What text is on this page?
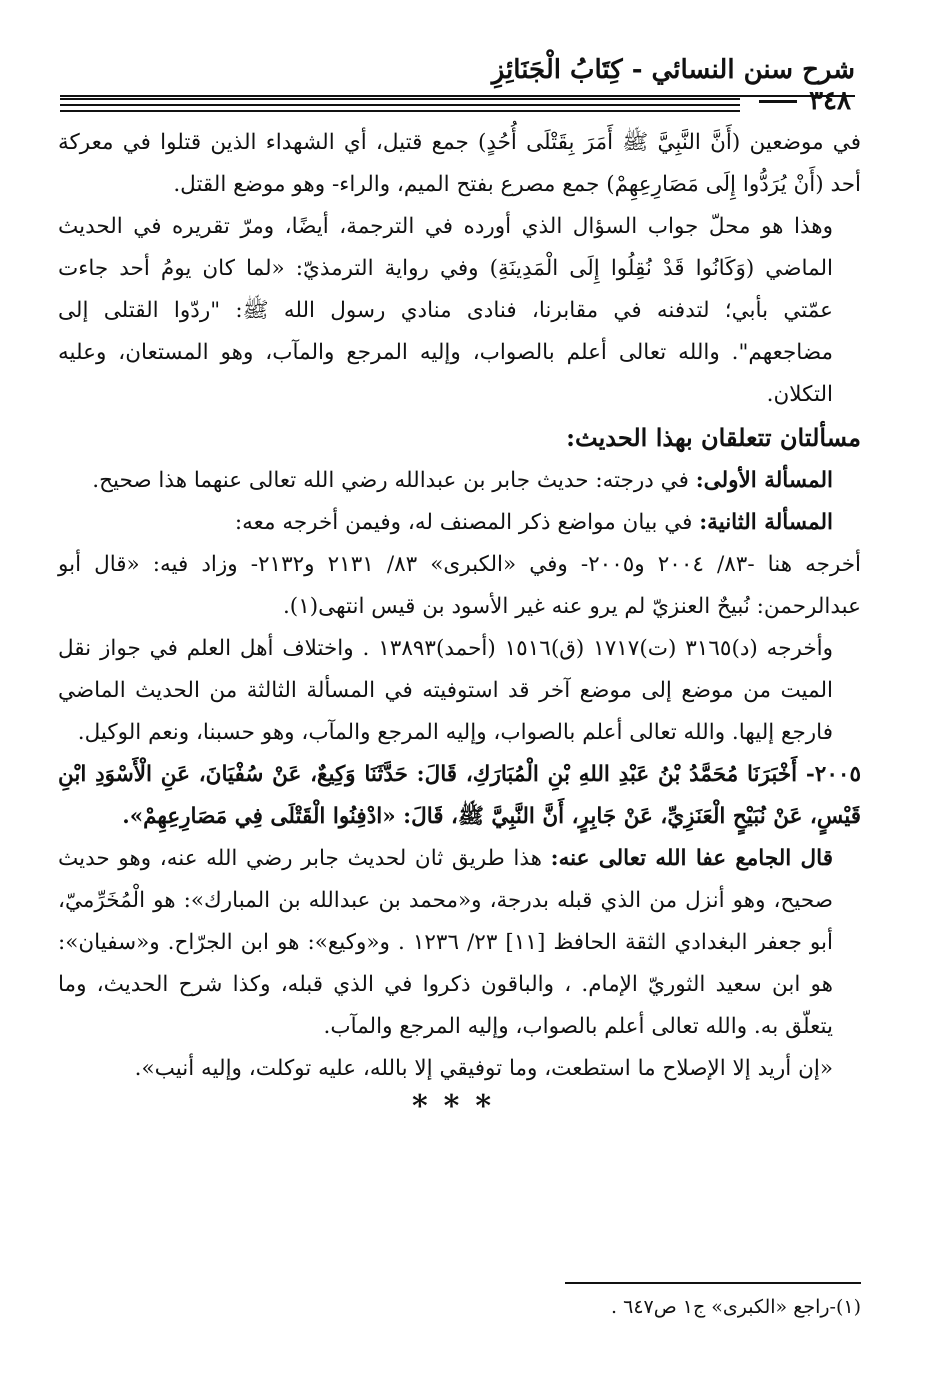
شرح سنن النسائي - كِتَابُ الْجَنَائِزِ
٣٤٨

في موضعين (أَنَّ النَّبِيَّ ﷺ أَمَرَ بِقَتْلَى أُحُدٍ) جمع قتيل، أي الشهداء الذين قتلوا في معركة أحد (أَنْ يُرَدُّوا إِلَى مَصَارِعِهِمْ) جمع مصرع بفتح الميم، والراء- وهو موضع القتل.

وهذا هو محلّ جواب السؤال الذي أورده في الترجمة، أيضًا، ومرّ تقريره في الحديث الماضي (وَكَانُوا قَدْ نُقِلُوا إِلَى الْمَدِينَةِ) وفي رواية الترمذيّ: «لما كان يومُ أحد جاءت عمّتي بأبي؛ لتدفنه في مقابرنا، فنادى منادي رسول الله ﷺ: "ردّوا القتلى إلى مضاجعهم". والله تعالى أعلم بالصواب، وإليه المرجع والمآب، وهو المستعان، وعليه التكلان.

مسألتان تتعلقان بهذا الحديث:

المسألة الأولى: في درجته: حديث جابر بن عبدالله رضي الله تعالى عنهما هذا صحيح.

المسألة الثانية: في بيان مواضع ذكر المصنف له، وفيمن أخرجه معه:

أخرجه هنا -٨٣/ ٢٠٠٤ و٢٠٠٥- وفي «الكبرى» ٨٣/ ٢١٣١ و٢١٣٢- وزاد فيه: «قال أبو عبدالرحمن: نُبيحٌ العنزيّ لم يرو عنه غير الأسود بن قيس انتهى(١).

وأخرجه (د)٣١٦٥ (ت)١٧١٧ (ق)١٥١٦ (أحمد)١٣٨٩٣ . واختلاف أهل العلم في جواز نقل الميت من موضع إلى موضع آخر قد استوفيته في المسألة الثالثة من الحديث الماضي فارجع إليها. والله تعالى أعلم بالصواب، وإليه المرجع والمآب، وهو حسبنا، ونعم الوكيل.

٢٠٠٥- أَخْبَرَنَا مُحَمَّدُ بْنُ عَبْدِ اللهِ بْنِ الْمُبَارَكِ، قَالَ: حَدَّثَنَا وَكِيعٌ، عَنْ سُفْيَانَ، عَنِ الْأَسْوَدِ ابْنِ قَيْسٍ، عَنْ نُبَيْحٍ الْعَنَزِيِّ، عَنْ جَابِرٍ، أَنَّ النَّبِيَّ ﷺ، قَالَ: «ادْفِنُوا الْقَتْلَى فِي مَصَارِعِهِمْ».

قال الجامع عفا الله تعالى عنه: هذا طريق ثان لحديث جابر رضي الله عنه، وهو حديث صحيح، وهو أنزل من الذي قبله بدرجة، و«محمد بن عبدالله بن المبارك»: هو الْمُخَرِّميّ، أبو جعفر البغدادي الثقة الحافظ [١١] ٢٣/ ١٢٣٦ . و«وكيع»: هو ابن الجرّاح. و«سفيان»: هو ابن سعيد الثوريّ الإمام. ، والباقون ذكروا في الذي قبله، وكذا شرح الحديث، وما يتعلّق به. والله تعالى أعلم بالصواب، وإليه المرجع والمآب.

«إن أريد إلا الإصلاح ما استطعت، وما توفيقي إلا بالله، عليه توكلت، وإليه أنيب».

***

(١)-راجع «الكبرى» ج١ ص٦٤٧ .
